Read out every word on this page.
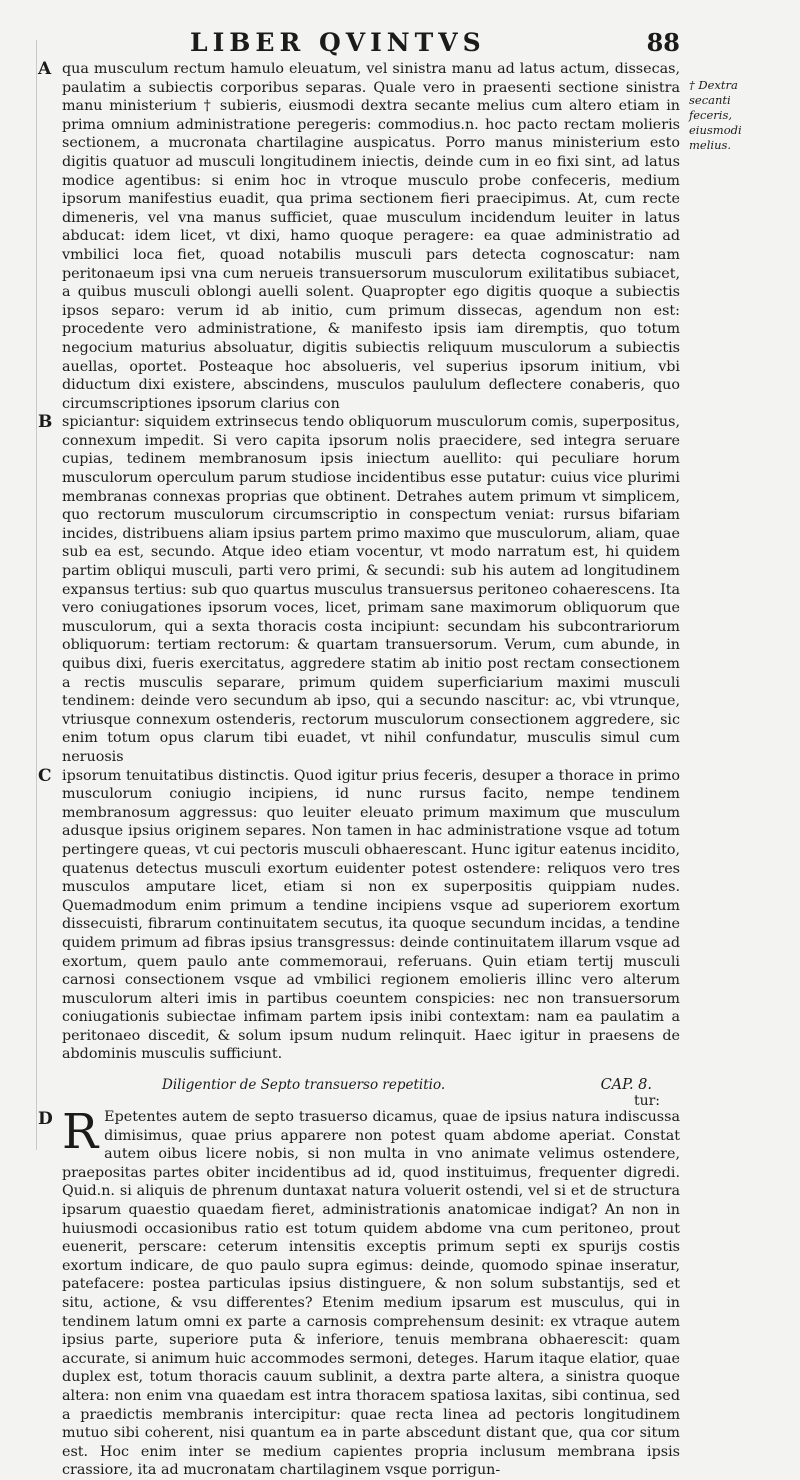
LIBER QVINTVS	88
† Dextra secanti feceris, eiusmodi melius.

A qua musculum rectum hamulo eleuatum, vel sinistra manu ad latus actum, dissecas, paulatim a subiectis corporibus separas. Quale vero in praesenti sectione sinistra manu ministerium † subieris, eiusmodi dextra secante melius cum altero etiam in prima omnium administratione peregeris: commodius.n. hoc pacto rectam molieris sectionem, a mucronata chartilagine auspicatus. Porro manus ministerium esto digitis quatuor ad musculi longitudinem iniectis, deinde cum in eo fixi sint, ad latus modice agentibus: si enim hoc in vtroque musculo probe confeceris, medium ipsorum manifestius euadit, qua prima sectionem fieri praecipimus. At, cum recte dimeneris, vel vna manus sufficiet, quae musculum incidendum leuiter in latus abducat: idem licet, vt dixi, hamo quoque peragere: ea quae administratio ad vmbilici loca fiet, quoad notabilis musculi pars detecta cognoscatur: nam peritonaeum ipsi vna cum nerueis transuersorum musculorum exilitatibus subiacet, a quibus musculi oblongi auelli solent. Quapropter ego digitis quoque a subiectis ipsos separo: verum id ab initio, cum primum dissecas, agendum non est: procedente vero administratione, & manifesto ipsis iam diremptis, quo totum negocium maturius absoluatur, digitis subiectis reliquum musculorum a subiectis auellas, oportet. Posteaque hoc absolueris, vel superius ipsorum initium, vbi diductum dixi existere, abscindens, musculos paululum deflectere conaberis, quo circumscriptiones ipsorum clarius con

B spiciantur: siquidem extrinsecus tendo obliquorum musculorum comis, superpositus, connexum impedit. Si vero capita ipsorum nolis praecidere, sed integra seruare cupias, tedinem membranosum ipsis iniectum auellito: qui peculiare horum musculorum operculum parum studiose incidentibus esse putatur: cuius vice plurimi membranas connexas proprias que obtinent. Detrahes autem primum vt simplicem, quo rectorum musculorum circumscriptio in conspectum veniat: rursus bifariam incides, distribuens aliam ipsius partem primo maximo que musculorum, aliam, quae sub ea est, secundo. Atque ideo etiam vocentur, vt modo narratum est, hi quidem partim obliqui musculi, parti vero primi, & secundi: sub his autem ad longitudinem expansus tertius: sub quo quartus musculus transuersus peritoneo cohaerescens. Ita vero coniugationes ipsorum voces, licet, primam sane maximorum obliquorum que musculorum, qui a sexta thoracis costa incipiunt: secundam his subcontrariorum obliquorum: tertiam rectorum: & quartam transuersorum. Verum, cum abunde, in quibus dixi, fueris exercitatus, aggredere statim ab initio post rectam consectionem a rectis musculis separare, primum quidem superficiarium maximi musculi tendinem: deinde vero secundum ab ipso, qui a secundo nascitur: ac, vbi vtrunque, vtriusque connexum ostenderis, rectorum musculorum consectionem aggredere, sic enim totum opus clarum tibi euadet, vt nihil confundatur, musculis simul cum neruosis

C ipsorum tenuitatibus distinctis. Quod igitur prius feceris, desuper a thorace in primo musculorum coniugio incipiens, id nunc rursus facito, nempe tendinem membranosum aggressus: quo leuiter eleuato primum maximum que musculum adusque ipsius originem separes. Non tamen in hac administratione vsque ad totum pertingere queas, vt cui pectoris musculi obhaerescant. Hunc igitur eatenus incidito, quatenus detectus musculi exortum euidenter potest ostendere: reliquos vero tres musculos amputare licet, etiam si non ex superpositis quippiam nudes. Quemadmodum enim primum a tendine incipiens vsque ad superiorem exortum dissecuisti, fibrarum continuitatem secutus, ita quoque secundum incidas, a tendine quidem primum ad fibras ipsius transgressus: deinde continuitatem illarum vsque ad exortum, quem paulo ante commemoraui, referuans. Quin etiam tertij musculi carnosi consectionem vsque ad vmbilici regionem emolieris illinc vero alterum musculorum alteri imis in partibus coeuntem conspicies: nec non transuersorum coniugationis subiectae infimam partem ipsis inibi contextam: nam ea paulatim a peritonaeo discedit, & solum ipsum nudum relinquit. Haec igitur in praesens de abdominis musculis sufficiunt.

Diligentior de Septo transuerso repetitio.	CAP. 8.

D R Epetentes autem de septo trasuerso dicamus, quae de ipsius natura indiscussa dimisimus, quae prius apparere non potest quam abdome aperiat. Constat autem oibus licere nobis, si non multa in vno animate velimus ostendere, praepositas partes obiter incidentibus ad id, quod instituimus, frequenter digredi. Quid.n. si aliquis de phrenum duntaxat natura voluerit ostendi, vel si et de structura ipsarum quaestio quaedam fieret, administrationis anatomicae indigat? An non in huiusmodi occasionibus ratio est totum quidem abdome vna cum peritoneo, prout euenerit, perscare: ceterum intensitis exceptis primum septi ex spurijs costis exortum indicare, de quo paulo supra egimus: deinde, quomodo spinae inseratur, patefacere: postea particulas ipsius distinguere, & non solum substantijs, sed et situ, actione, & vsu differentes? Etenim medium ipsarum est musculus, qui in tendinem latum omni ex parte a carnosis comprehensum desinit: ex vtraque autem ipsius parte, superiore puta & inferiore, tenuis membrana obhaerescit: quam accurate, si animum huic accommodes sermoni, deteges. Harum itaque elatior, quae duplex est, totum thoracis cauum sublinit, a dextra parte altera, a sinistra quoque altera: non enim vna quaedam est intra thoracem spatiosa laxitas, sibi continua, sed a praedictis membranis intercipitur: quae recta linea ad pectoris longitudinem mutuo sibi coherent, nisi quantum ea in parte abscedunt distant que, qua cor situm est. Hoc enim inter se medium capientes propria inclusum membrana ipsis crassiore, ita ad mucronatam chartilaginem vsque porrigun-

tur:
